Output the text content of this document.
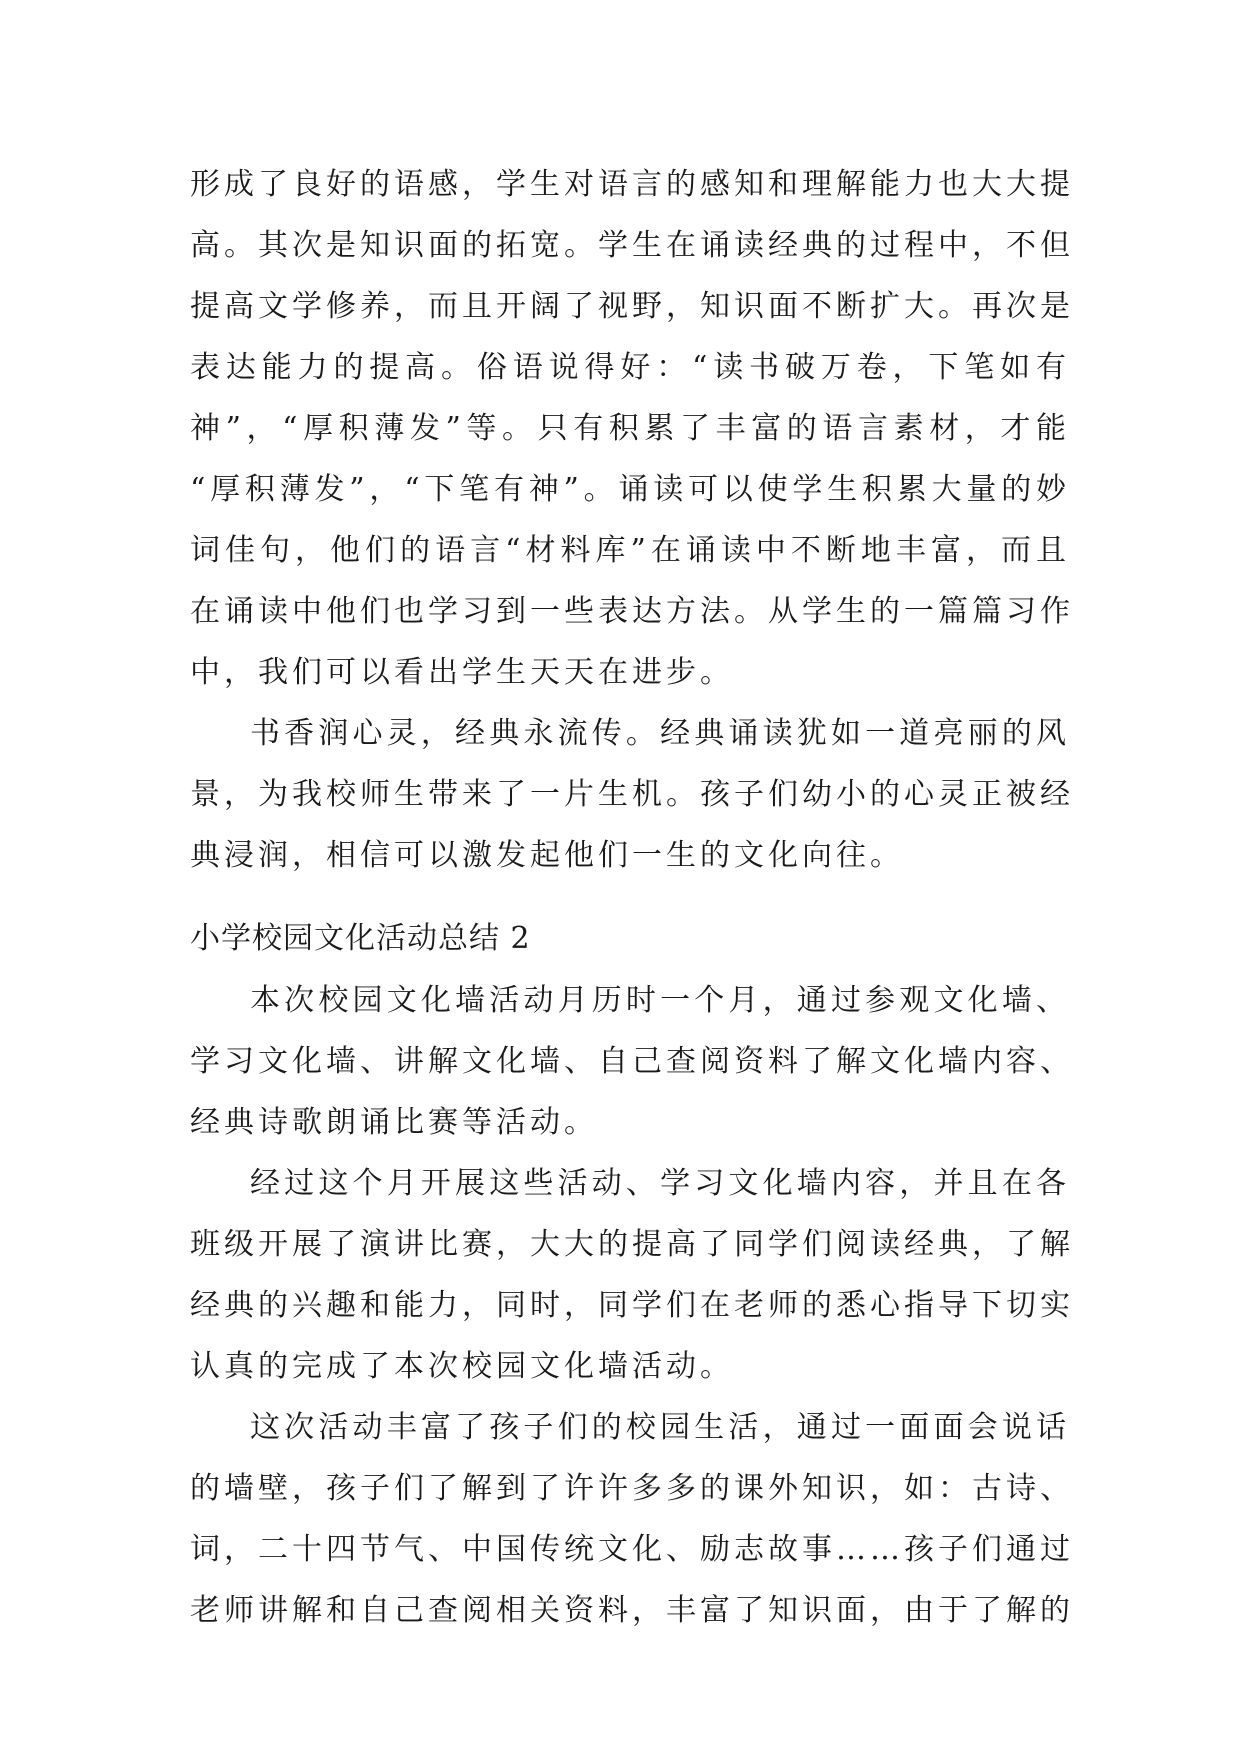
形成了良好的语感，学生对语言的感知和理解能力也大大提
高。其次是知识面的拓宽。学生在诵读经典的过程中，不但
提高文学修养，而且开阔了视野，知识面不断扩大。再次是
表达能力的提高。俗语说得好：“读书破万卷，下笔如有
神”，“厚积薄发”等。只有积累了丰富的语言素材，才能
“厚积薄发”，“下笔有神”。诵读可以使学生积累大量的妙
词佳句，他们的语言“材料库”在诵读中不断地丰富，而且
在诵读中他们也学习到一些表达方法。从学生的一篇篇习作
中，我们可以看出学生天天在进步。
书香润心灵，经典永流传。经典诵读犹如一道亮丽的风
景，为我校师生带来了一片生机。孩子们幼小的心灵正被经
典浸润，相信可以激发起他们一生的文化向往。
小学校园文化活动总结 2
本次校园文化墙活动月历时一个月，通过参观文化墙、
学习文化墙、讲解文化墙、自己查阅资料了解文化墙内容、
经典诗歌朗诵比赛等活动。
经过这个月开展这些活动、学习文化墙内容，并且在各
班级开展了演讲比赛，大大的提高了同学们阅读经典，了解
经典的兴趣和能力，同时，同学们在老师的悉心指导下切实
认真的完成了本次校园文化墙活动。
这次活动丰富了孩子们的校园生活，通过一面面会说话
的墙壁，孩子们了解到了许许多多的课外知识，如：古诗、
词，二十四节气、中国传统文化、励志故事……孩子们通过
老师讲解和自己查阅相关资料，丰富了知识面，由于了解的
